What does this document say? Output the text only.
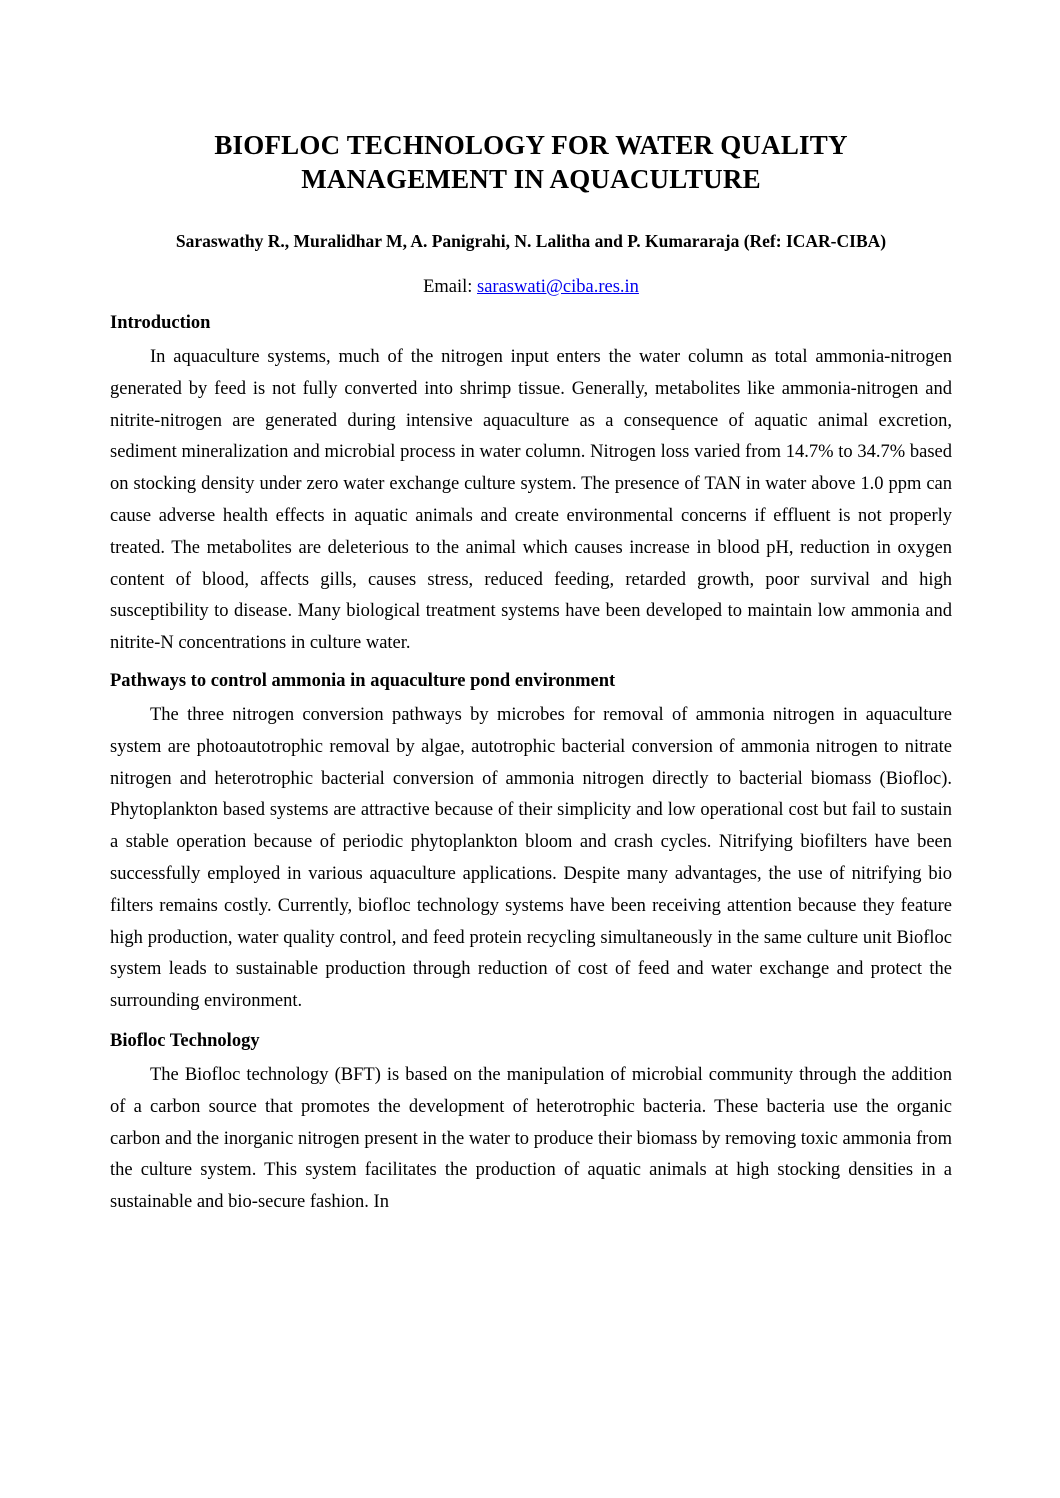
BIOFLOC TECHNOLOGY FOR WATER QUALITY
MANAGEMENT IN AQUACULTURE

Saraswathy R., Muralidhar M, A. Panigrahi, N. Lalitha and P. Kumararaja (Ref: ICAR-CIBA)

Email: saraswati@ciba.res.in

Introduction

In aquaculture systems, much of the nitrogen input enters the water column as total ammonia-nitrogen generated by feed is not fully converted into shrimp tissue. Generally, metabolites like ammonia-nitrogen and nitrite-nitrogen are generated during intensive aquaculture as a consequence of aquatic animal excretion, sediment mineralization and microbial process in water column. Nitrogen loss varied from 14.7% to 34.7% based on stocking density under zero water exchange culture system. The presence of TAN in water above 1.0 ppm can cause adverse health effects in aquatic animals and create environmental concerns if effluent is not properly treated. The metabolites are deleterious to the animal which causes increase in blood pH, reduction in oxygen content of blood, affects gills, causes stress, reduced feeding, retarded growth, poor survival and high susceptibility to disease. Many biological treatment systems have been developed to maintain low ammonia and nitrite-N concentrations in culture water.

Pathways to control ammonia in aquaculture pond environment

The three nitrogen conversion pathways by microbes for removal of ammonia nitrogen in aquaculture system are photoautotrophic removal by algae, autotrophic bacterial conversion of ammonia nitrogen to nitrate nitrogen and heterotrophic bacterial conversion of ammonia nitrogen directly to bacterial biomass (Biofloc). Phytoplankton based systems are attractive because of their simplicity and low operational cost but fail to sustain a stable operation because of periodic phytoplankton bloom and crash cycles. Nitrifying biofilters have been successfully employed in various aquaculture applications. Despite many advantages, the use of nitrifying bio filters remains costly. Currently, biofloc technology systems have been receiving attention because they feature high production, water quality control, and feed protein recycling simultaneously in the same culture unit Biofloc system leads to sustainable production through reduction of cost of feed and water exchange and protect the surrounding environment.

Biofloc Technology

The Biofloc technology (BFT) is based on the manipulation of microbial community through the addition of a carbon source that promotes the development of heterotrophic bacteria. These bacteria use the organic carbon and the inorganic nitrogen present in the water to produce their biomass by removing toxic ammonia from the culture system. This system facilitates the production of aquatic animals at high stocking densities in a sustainable and bio-secure fashion. In
